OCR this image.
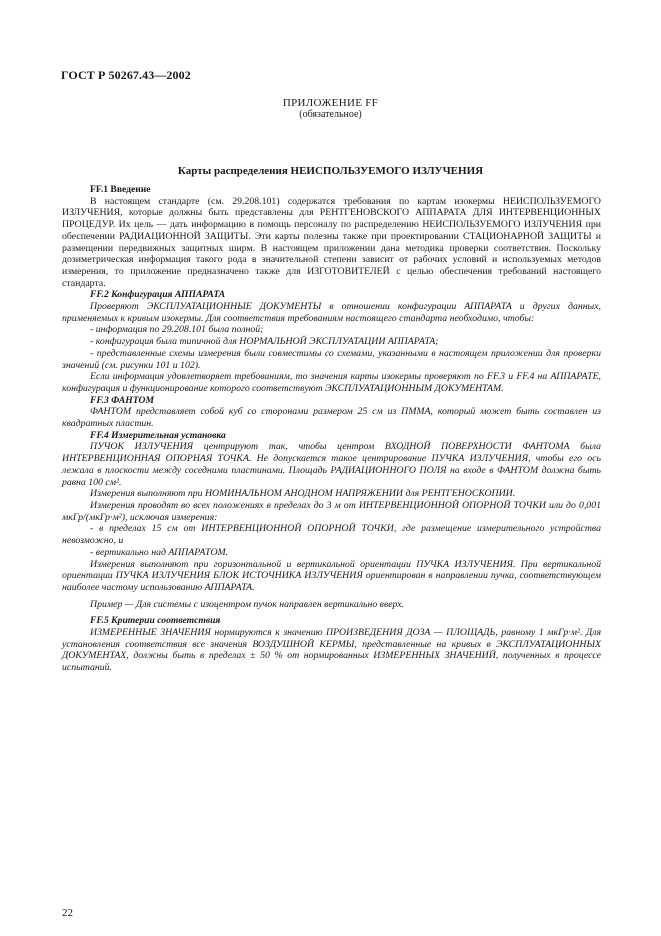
ГОСТ Р 50267.43—2002
ПРИЛОЖЕНИЕ FF
(обязательное)
Карты распределения НЕИСПОЛЬЗУЕМОГО ИЗЛУЧЕНИЯ

FF.1 Введение

В настоящем стандарте (см. 29.208.101) содержатся требования по картам изокермы НЕИСПОЛЬЗУЕМОГО ИЗЛУЧЕНИЯ, которые должны быть представлены для РЕНТГЕНОВСКОГО АППАРАТА ДЛЯ ИНТЕРВЕНЦИОННЫХ ПРОЦЕДУР. Их цель — дать информацию в помощь персоналу по распределению НЕИСПОЛЬЗУЕМОГО ИЗЛУЧЕНИЯ при обеспечении РАДИАЦИОННОЙ ЗАЩИТЫ. Эти карты полезны также при проектировании СТАЦИОНАРНОЙ ЗАЩИТЫ и размещении передвижных защитных ширм. В настоящем приложении дана методика проверки соответствия. Поскольку дозиметрическая информация такого рода в значительной степени зависит от рабочих условий и используемых методов измерения, то приложение предназначено также для ИЗГОТОВИТЕЛЕЙ с целью обеспечения требований настоящего стандарта.

FF.2 Конфигурация АППАРАТА

Проверяют ЭКСПЛУАТАЦИОННЫЕ ДОКУМЕНТЫ в отношении конфигурации АППАРАТА и других данных, применяемых к кривым изокермы. Для соответствия требованиям настоящего стандарта необходимо, чтобы:

- информация по 29.208.101 была полной;

- конфигурация была типичной для НОРМАЛЬНОЙ ЭКСПЛУАТАЦИИ АППАРАТА;

- представленные схемы измерения были совместимы со схемами, указанными в настоящем приложении для проверки значений (см. рисунки 101 и 102).

Если информация удовлетворяет требованиям, то значения карты изокермы проверяют по FF.3 и FF.4 на АППАРАТЕ, конфигурация и функционирование которого соответствуют ЭКСПЛУАТАЦИОННЫМ ДОКУМЕНТАМ.

FF.3 ФАНТОМ

ФАНТОМ представляет собой куб со сторонами размером 25 см из ПММА, который может быть составлен из квадратных пластин.

FF.4 Измерительная установка

ПУЧОК ИЗЛУЧЕНИЯ центрируют так, чтобы центром ВХОДНОЙ ПОВЕРХНОСТИ ФАНТОМА была ИНТЕРВЕНЦИОННАЯ ОПОРНАЯ ТОЧКА. Не допускается такое центрирование ПУЧКА ИЗЛУЧЕНИЯ, чтобы его ось лежала в плоскости между соседними пластинами. Площадь РАДИАЦИОННОГО ПОЛЯ на входе в ФАНТОМ должна быть равна 100 см².

Измерения выполняют при НОМИНАЛЬНОМ АНОДНОМ НАПРЯЖЕНИИ для РЕНТГЕНОСКОПИИ.

Измерения проводят во всех положениях в пределах до 3 м от ИНТЕРВЕНЦИОННОЙ ОПОРНОЙ ТОЧКИ или до 0,001 мкГр/(мкГр·м²), исключая измерения:

- в пределах 15 см от ИНТЕРВЕНЦИОННОЙ ОПОРНОЙ ТОЧКИ, где размещение измерительного устройства невозможно, и

- вертикально над АППАРАТОМ.

Измерения выполняют при горизонтальной и вертикальной ориентации ПУЧКА ИЗЛУЧЕНИЯ. При вертикальной ориентации ПУЧКА ИЗЛУЧЕНИЯ БЛОК ИСТОЧНИКА ИЗЛУЧЕНИЯ ориентирован в направлении пучка, соответствующем наиболее частому использованию АППАРАТА.

Пример — Для системы с изоцентром пучок направлен вертикально вверх.

FF.5 Критерии соответствия

ИЗМЕРЕННЫЕ ЗНАЧЕНИЯ нормируются к значению ПРОИЗВЕДЕНИЯ ДОЗА — ПЛОЩАДЬ, равному 1 мкГр·м². Для установления соответствия все значения ВОЗДУШНОЙ КЕРМЫ, представленные на кривых в ЭКСПЛУАТАЦИОННЫХ ДОКУМЕНТАХ, должны быть в пределах ± 50 % от нормированных ИЗМЕРЕННЫХ ЗНАЧЕНИЙ, полученных в процессе испытаний.

22
